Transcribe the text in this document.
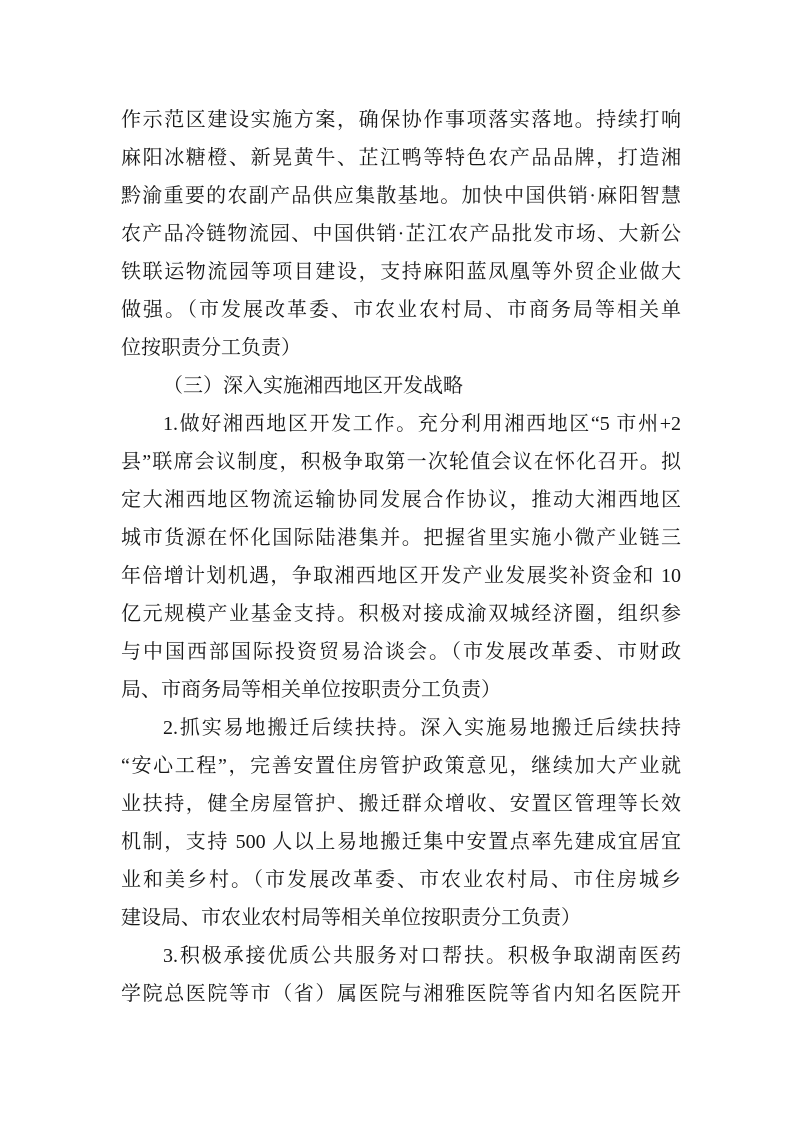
作示范区建设实施方案，确保协作事项落实落地。持续打响
麻阳冰糖橙、新晃黄牛、芷江鸭等特色农产品品牌，打造湘
黔渝重要的农副产品供应集散基地。加快中国供销·麻阳智慧
农产品冷链物流园、中国供销·芷江农产品批发市场、大新公
铁联运物流园等项目建设，支持麻阳蓝凤凰等外贸企业做大
做强。（市发展改革委、市农业农村局、市商务局等相关单
位按职责分工负责）
（三）深入实施湘西地区开发战略
1.做好湘西地区开发工作。充分利用湘西地区“5 市州+2
县”联席会议制度，积极争取第一次轮值会议在怀化召开。拟
定大湘西地区物流运输协同发展合作协议，推动大湘西地区
城市货源在怀化国际陆港集并。把握省里实施小微产业链三
年倍增计划机遇，争取湘西地区开发产业发展奖补资金和 10
亿元规模产业基金支持。积极对接成渝双城经济圈，组织参
与中国西部国际投资贸易洽谈会。（市发展改革委、市财政
局、市商务局等相关单位按职责分工负责）
2.抓实易地搬迁后续扶持。深入实施易地搬迁后续扶持
“安心工程”，完善安置住房管护政策意见，继续加大产业就
业扶持，健全房屋管护、搬迁群众增收、安置区管理等长效
机制，支持 500 人以上易地搬迁集中安置点率先建成宜居宜
业和美乡村。（市发展改革委、市农业农村局、市住房城乡
建设局、市农业农村局等相关单位按职责分工负责）
3.积极承接优质公共服务对口帮扶。积极争取湖南医药
学院总医院等市（省）属医院与湘雅医院等省内知名医院开
